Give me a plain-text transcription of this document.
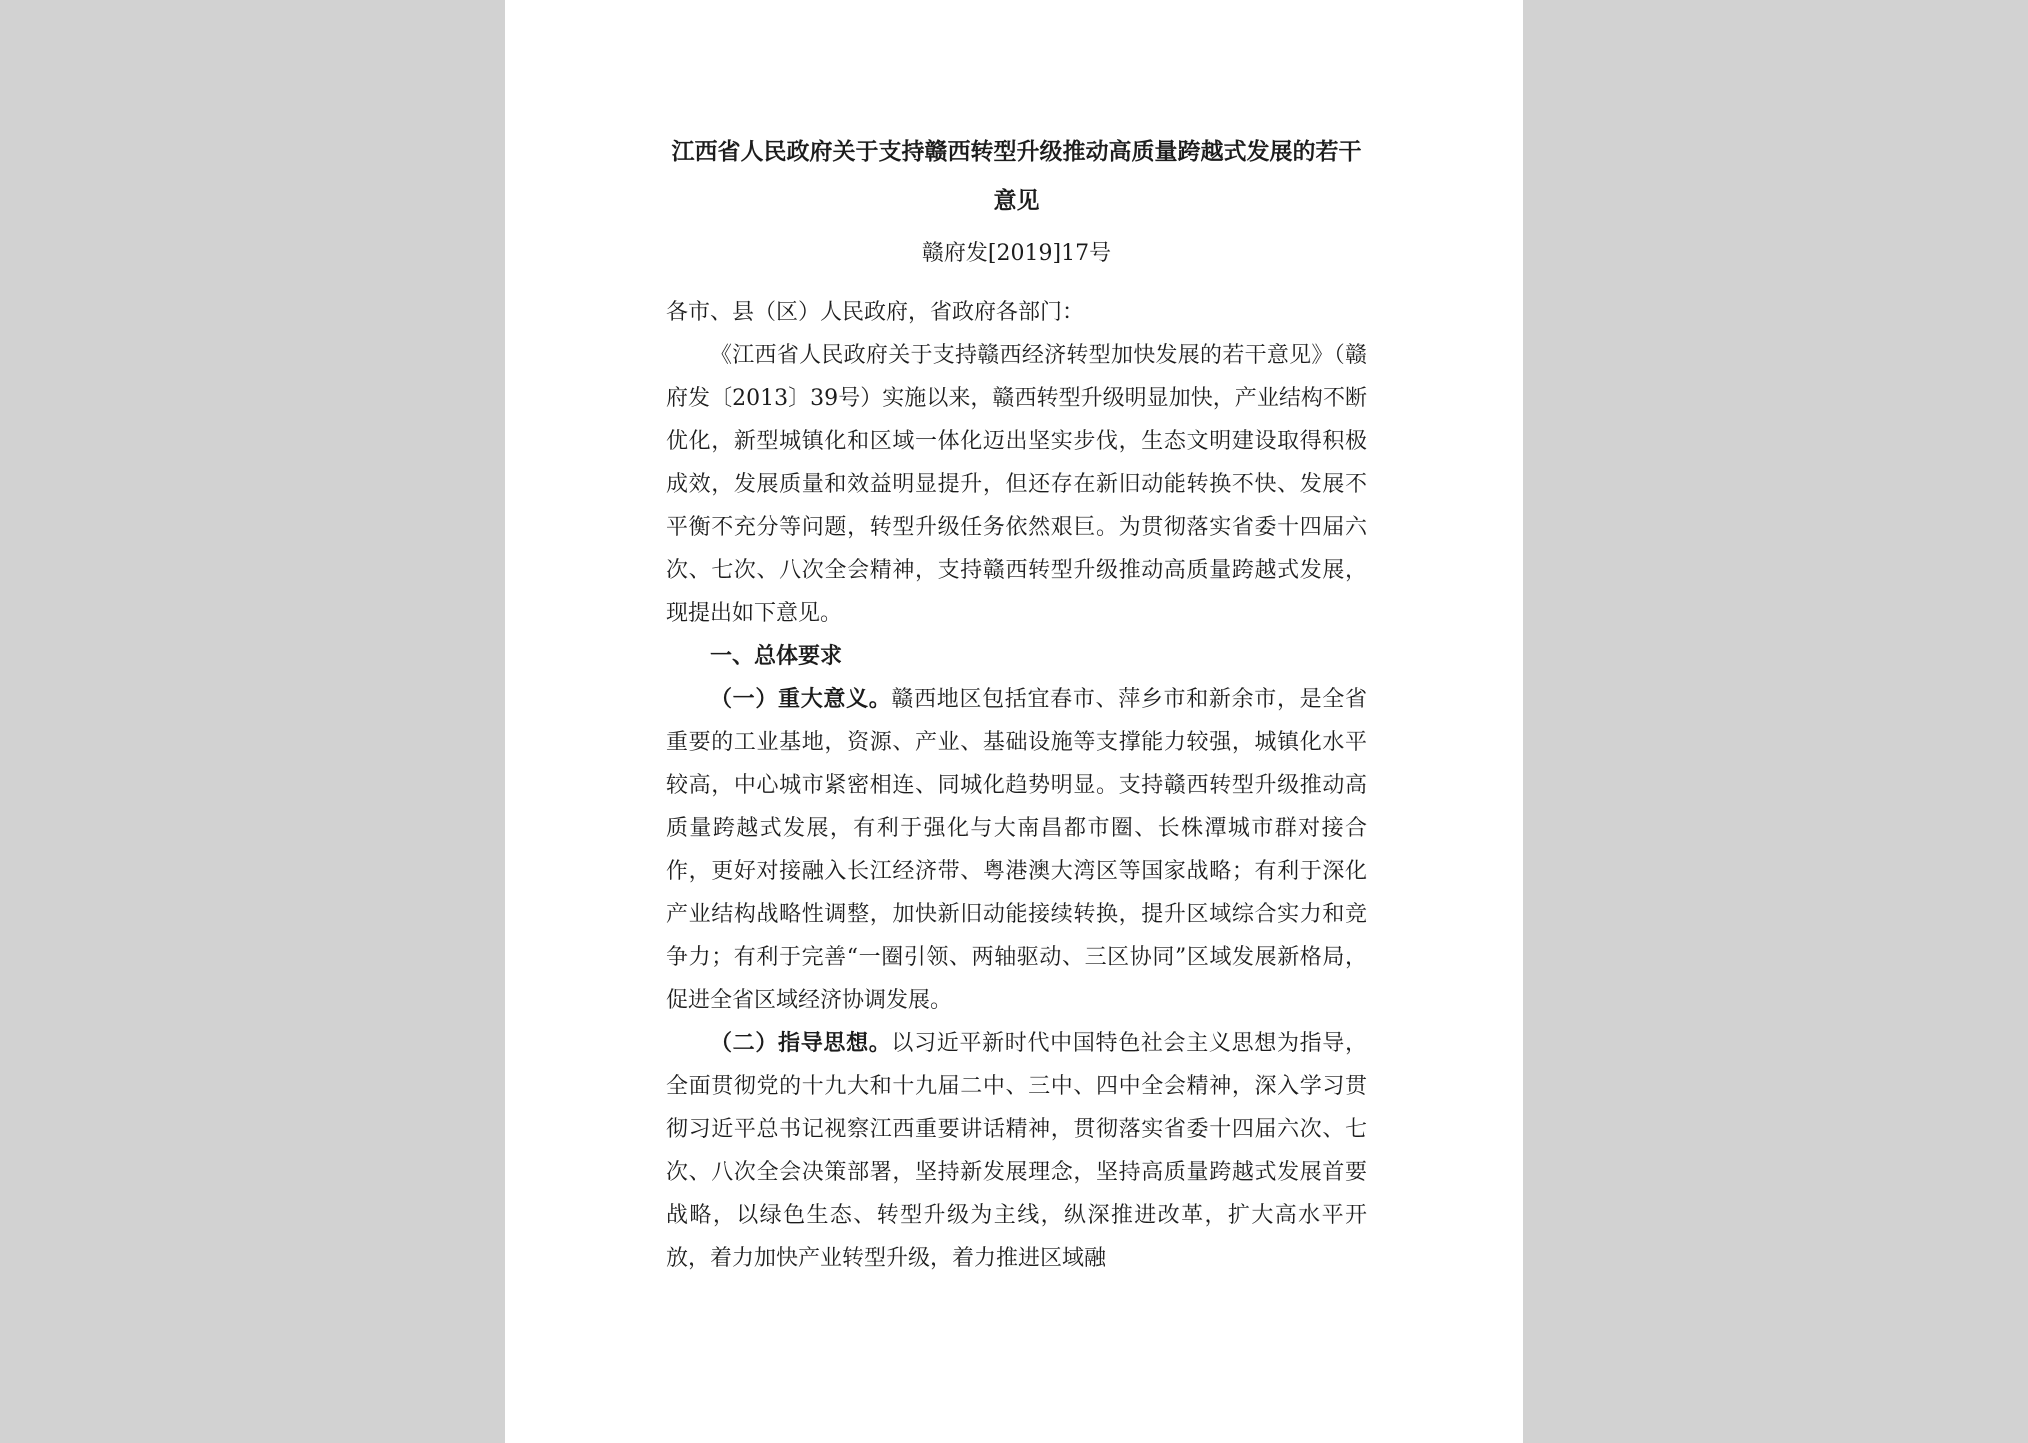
江西省人民政府关于支持赣西转型升级推动高质量跨越式发展的若干意见
赣府发[2019]17号
各市、县（区）人民政府，省政府各部门：

《江西省人民政府关于支持赣西经济转型加快发展的若干意见》（赣府发〔2013〕39号）实施以来，赣西转型升级明显加快，产业结构不断优化，新型城镇化和区域一体化迈出坚实步伐，生态文明建设取得积极成效，发展质量和效益明显提升，但还存在新旧动能转换不快、发展不平衡不充分等问题，转型升级任务依然艰巨。为贯彻落实省委十四届六次、七次、八次全会精神，支持赣西转型升级推动高质量跨越式发展，现提出如下意见。

一、总体要求

（一）重大意义。赣西地区包括宜春市、萍乡市和新余市，是全省重要的工业基地，资源、产业、基础设施等支撑能力较强，城镇化水平较高，中心城市紧密相连、同城化趋势明显。支持赣西转型升级推动高质量跨越式发展，有利于强化与大南昌都市圈、长株潭城市群对接合作，更好对接融入长江经济带、粤港澳大湾区等国家战略；有利于深化产业结构战略性调整，加快新旧动能接续转换，提升区域综合实力和竞争力；有利于完善“一圈引领、两轴驱动、三区协同”区域发展新格局，促进全省区域经济协调发展。

（二）指导思想。以习近平新时代中国特色社会主义思想为指导，全面贯彻党的十九大和十九届二中、三中、四中全会精神，深入学习贯彻习近平总书记视察江西重要讲话精神，贯彻落实省委十四届六次、七次、八次全会决策部署，坚持新发展理念，坚持高质量跨越式发展首要战略，以绿色生态、转型升级为主线，纵深推进改革，扩大高水平开放，着力加快产业转型升级，着力推进区域融
